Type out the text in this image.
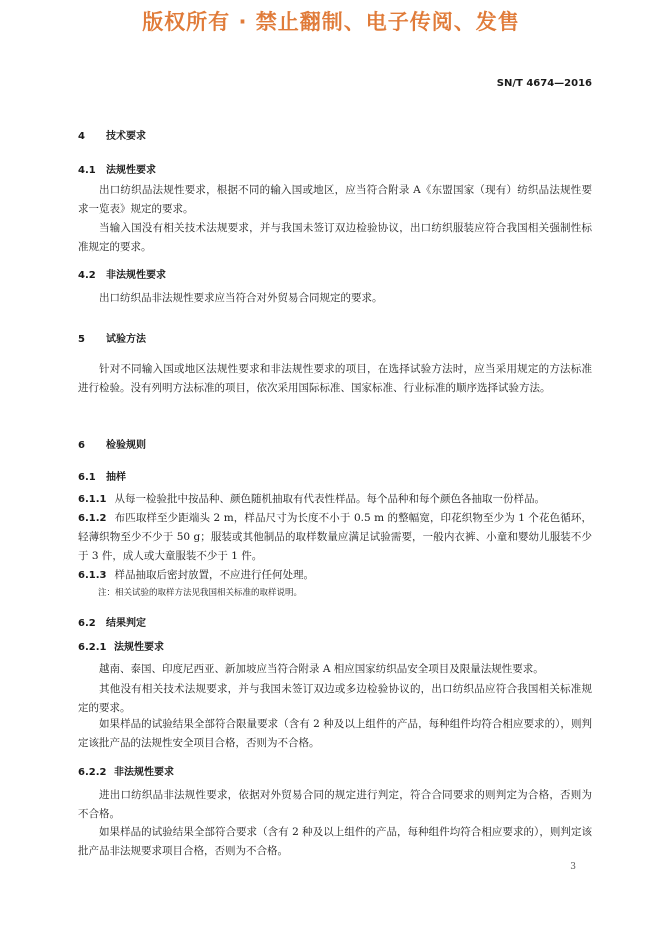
版权所有 · 禁止翻制、电子传阅、发售
SN/T 4674—2016
4 技术要求
4.1 法规性要求
出口纺织品法规性要求，根据不同的输入国或地区，应当符合附录 A《东盟国家（现有）纺织品法规性要求一览表》规定的要求。
当输入国没有相关技术法规要求，并与我国未签订双边检验协议，出口纺织服装应符合我国相关强制性标准规定的要求。
4.2 非法规性要求
出口纺织品非法规性要求应当符合对外贸易合同规定的要求。
5 试验方法
针对不同输入国或地区法规性要求和非法规性要求的项目，在选择试验方法时，应当采用规定的方法标准进行检验。没有列明方法标准的项目，依次采用国际标准、国家标准、行业标准的顺序选择试验方法。
6 检验规则
6.1 抽样
6.1.1 从每一检验批中按品种、颜色随机抽取有代表性样品。每个品种和每个颜色各抽取一份样品。
6.1.2 布匹取样至少距端头 2 m，样品尺寸为长度不小于 0.5 m 的整幅宽，印花织物至少为 1 个花色循环，轻薄织物至少不少于 50 g；服装或其他制品的取样数量应满足试验需要，一般内衣裤、小童和婴幼儿服装不少于 3 件，成人或大童服装不少于 1 件。
6.1.3 样品抽取后密封放置，不应进行任何处理。
注：相关试验的取样方法见我国相关标准的取样说明。
6.2 结果判定
6.2.1 法规性要求
越南、泰国、印度尼西亚、新加坡应当符合附录 A 相应国家纺织品安全项目及限量法规性要求。
其他没有相关技术法规要求，并与我国未签订双边或多边检验协议的，出口纺织品应符合我国相关标准规定的要求。
如果样品的试验结果全部符合限量要求（含有 2 种及以上组件的产品，每种组件均符合相应要求的），则判定该批产品的法规性安全项目合格，否则为不合格。
6.2.2 非法规性要求
进出口纺织品非法规性要求，依据对外贸易合同的规定进行判定，符合合同要求的则判定为合格，否则为不合格。
如果样品的试验结果全部符合要求（含有 2 种及以上组件的产品，每种组件均符合相应要求的），则判定该批产品非法规要求项目合格，否则为不合格。
3
